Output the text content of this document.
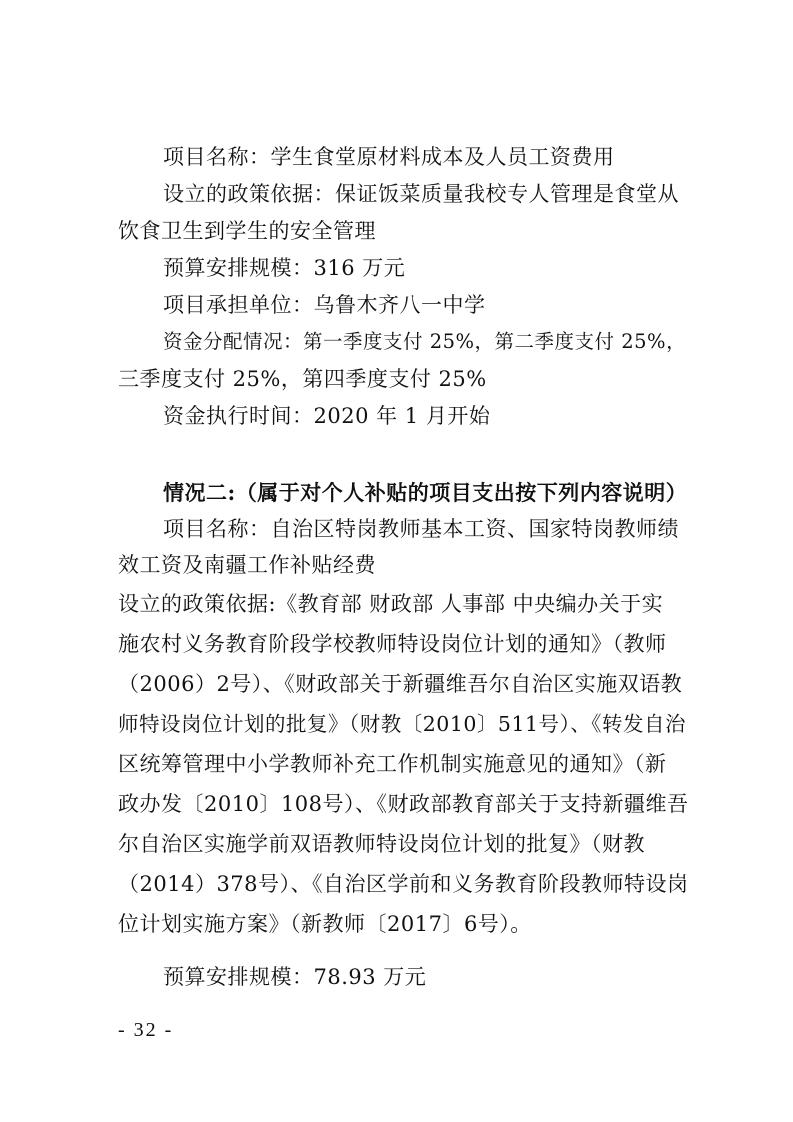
项目名称：学生食堂原材料成本及人员工资费用
设立的政策依据：保证饭菜质量我校专人管理是食堂从
饮食卫生到学生的安全管理
预算安排规模：316 万元
项目承担单位：乌鲁木齐八一中学
资金分配情况：第一季度支付 25%，第二季度支付 25%，
三季度支付 25%，第四季度支付 25%
资金执行时间：2020 年 1 月开始
情况二:（属于对个人补贴的项目支出按下列内容说明）
项目名称：自治区特岗教师基本工资、国家特岗教师绩
效工资及南疆工作补贴经费
设立的政策依据:《教育部 财政部 人事部 中央编办关于实
施农村义务教育阶段学校教师特设岗位计划的通知》（教师
（2006）2号）、《财政部关于新疆维吾尔自治区实施双语教
师特设岗位计划的批复》（财教〔2010〕511号）、《转发自治
区统筹管理中小学教师补充工作机制实施意见的通知》（新
政办发〔2010〕108号）、《财政部教育部关于支持新疆维吾
尔自治区实施学前双语教师特设岗位计划的批复》（财教
（2014）378号）、《自治区学前和义务教育阶段教师特设岗
位计划实施方案》（新教师〔2017〕6号）。
预算安排规模：78.93 万元
- 32 -
